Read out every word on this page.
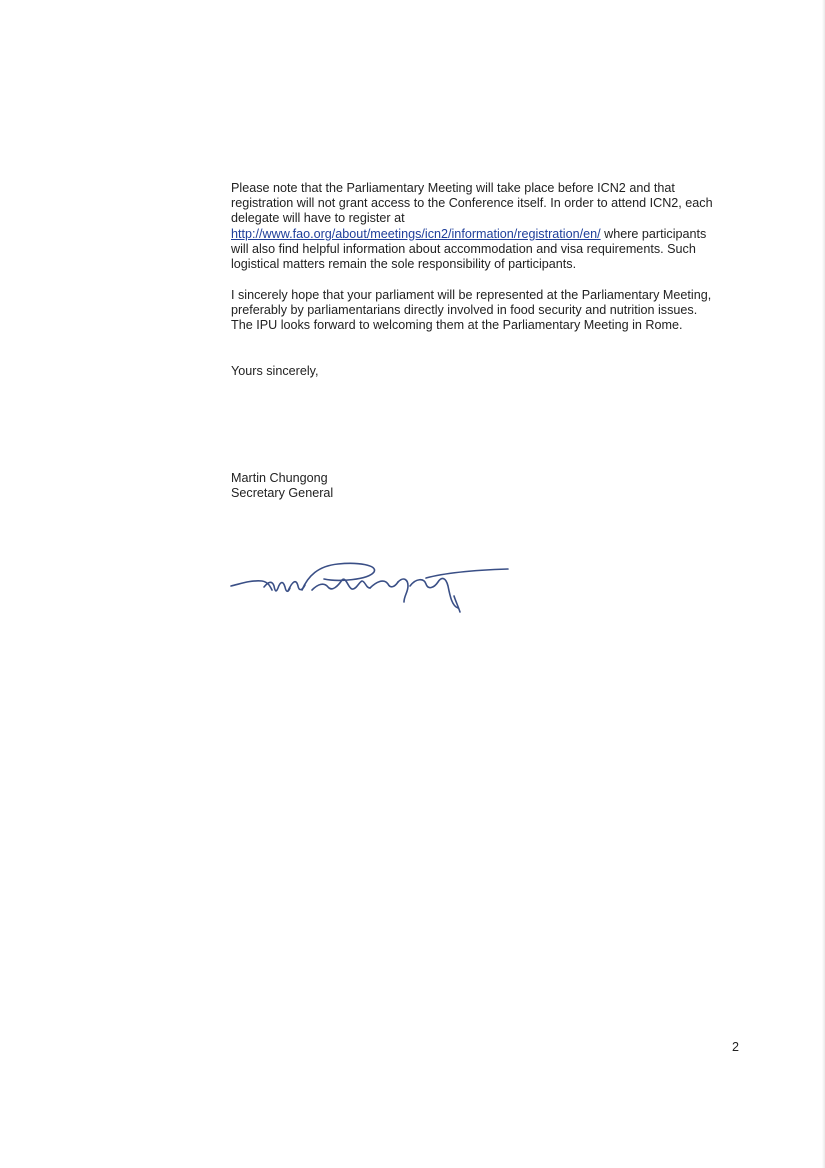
Please note that the Parliamentary Meeting will take place before ICN2 and that
registration will not grant access to the Conference itself. In order to attend ICN2, each
delegate will have to register at
http://www.fao.org/about/meetings/icn2/information/registration/en/ where participants
will also find helpful information about accommodation and visa requirements. Such
logistical matters remain the sole responsibility of participants.

I sincerely hope that your parliament will be represented at the Parliamentary Meeting,
preferably by parliamentarians directly involved in food security and nutrition issues.
The IPU looks forward to welcoming them at the Parliamentary Meeting in Rome.

Yours sincerely,

Martin Chungong

Secretary General

2
